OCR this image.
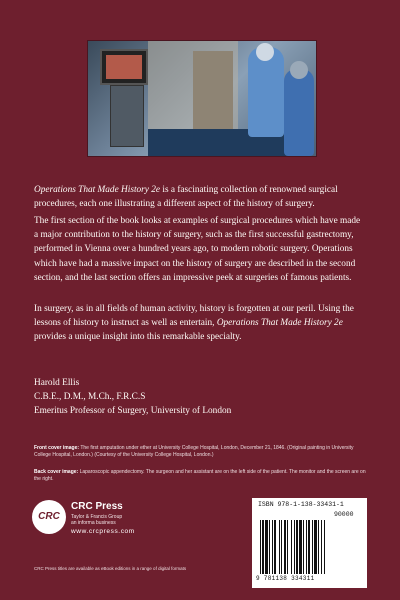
Operations That Made History 2e is a fascinating collection of renowned surgical procedures, each one illustrating a different aspect of the history of surgery.

The first section of the book looks at examples of surgical procedures which have made a major contribution to the history of surgery, such as the first successful gastrectomy, performed in Vienna over a hundred years ago, to modern robotic surgery. Operations which have had a massive impact on the history of surgery are described in the second section, and the last section offers an impressive peek at surgeries of famous patients.

In surgery, as in all fields of human activity, history is forgotten at our peril. Using the lessons of history to instruct as well as entertain, Operations That Made History 2e provides a unique insight into this remarkable specialty.

Harold Ellis

C.B.E., D.M., M.Ch., F.R.C.S

Emeritus Professor of Surgery, University of London

Front cover image: The first amputation under ether at University College Hospital, London, December 21, 1846. (Original painting in University College Hospital, London.) (Courtesy of the University College Hospital, London.)
Back cover image: Laparoscopic appendectomy. The surgeon and her assistant are on the left side of the patient. The monitor and the screen are on the right.
CRC
CRC Press
Taylor & Francis Group
an informa business
www.crcpress.com
CRC Press titles are available as eBook editions in a range of digital formats
ISBN 978-1-138-33431-1
90000
9 781138 334311
